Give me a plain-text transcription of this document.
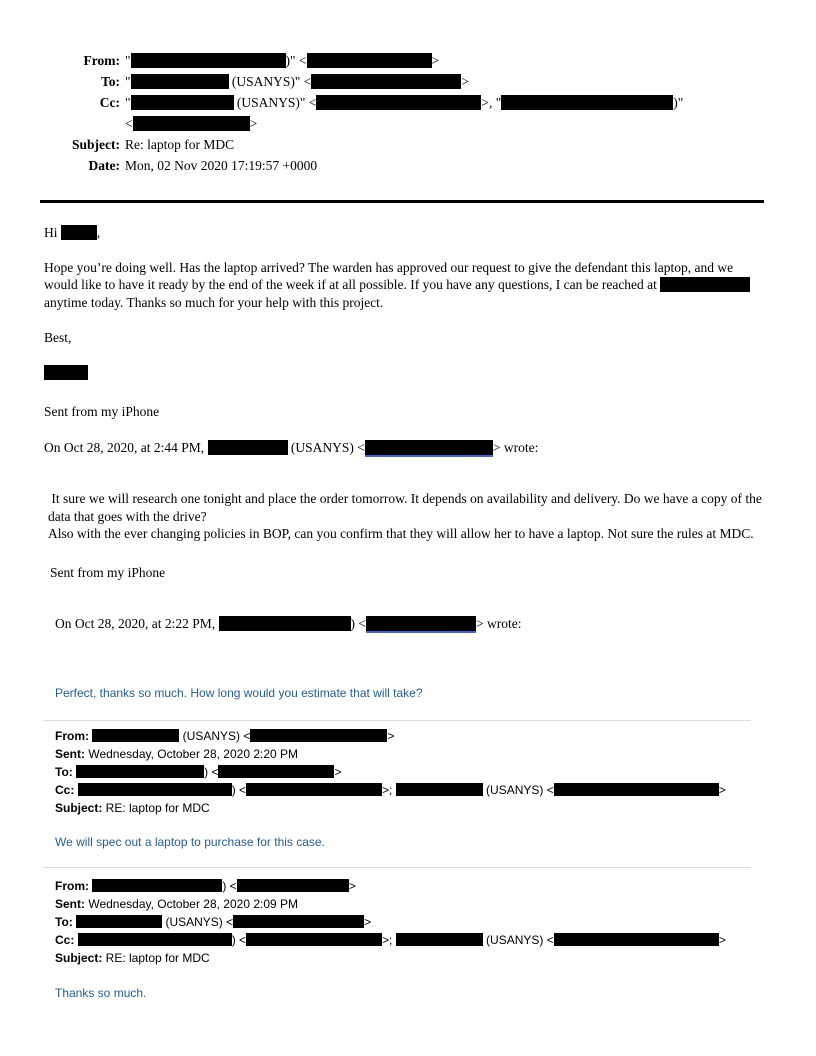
From: "	)" <	>
To: "	(USANYS)" <	>
Cc: "	(USANYS)" <	>, "	)"
<	>
Subject: Re: laptop for MDC
Date: Mon, 02 Nov 2020 17:19:57 +0000
Hi	,
Hope you’re doing well. Has the laptop arrived? The warden has approved our request to give the defendant this laptop, and we would like to have it ready by the end of the week if at all possible. If you have any questions, I can be reached at	anytime today. Thanks so much for your help with this project.
Best,
Sent from my iPhone
On Oct 28, 2020, at 2:44 PM,	(USANYS) <	> wrote:
It sure we will research one tonight and place the order tomorrow. It depends on availability and delivery. Do we have a copy of the data that goes with the drive?
Also with the ever changing policies in BOP, can you confirm that they will allow her to have a laptop. Not sure the rules at MDC.
Sent from my iPhone
On Oct 28, 2020, at 2:22 PM,	) <	> wrote:
Perfect, thanks so much. How long would you estimate that will take?
From:	(USANYS) <	>
Sent: Wednesday, October 28, 2020 2:20 PM
To:	) <	>
Cc:	) <	>;	(USANYS) <	>
Subject: RE: laptop for MDC
We will spec out a laptop to purchase for this case.
From:	) <	>
Sent: Wednesday, October 28, 2020 2:09 PM
To:	(USANYS) <	>
Cc:	) <	>;	(USANYS) <	>
Subject: RE: laptop for MDC
Thanks so much.
